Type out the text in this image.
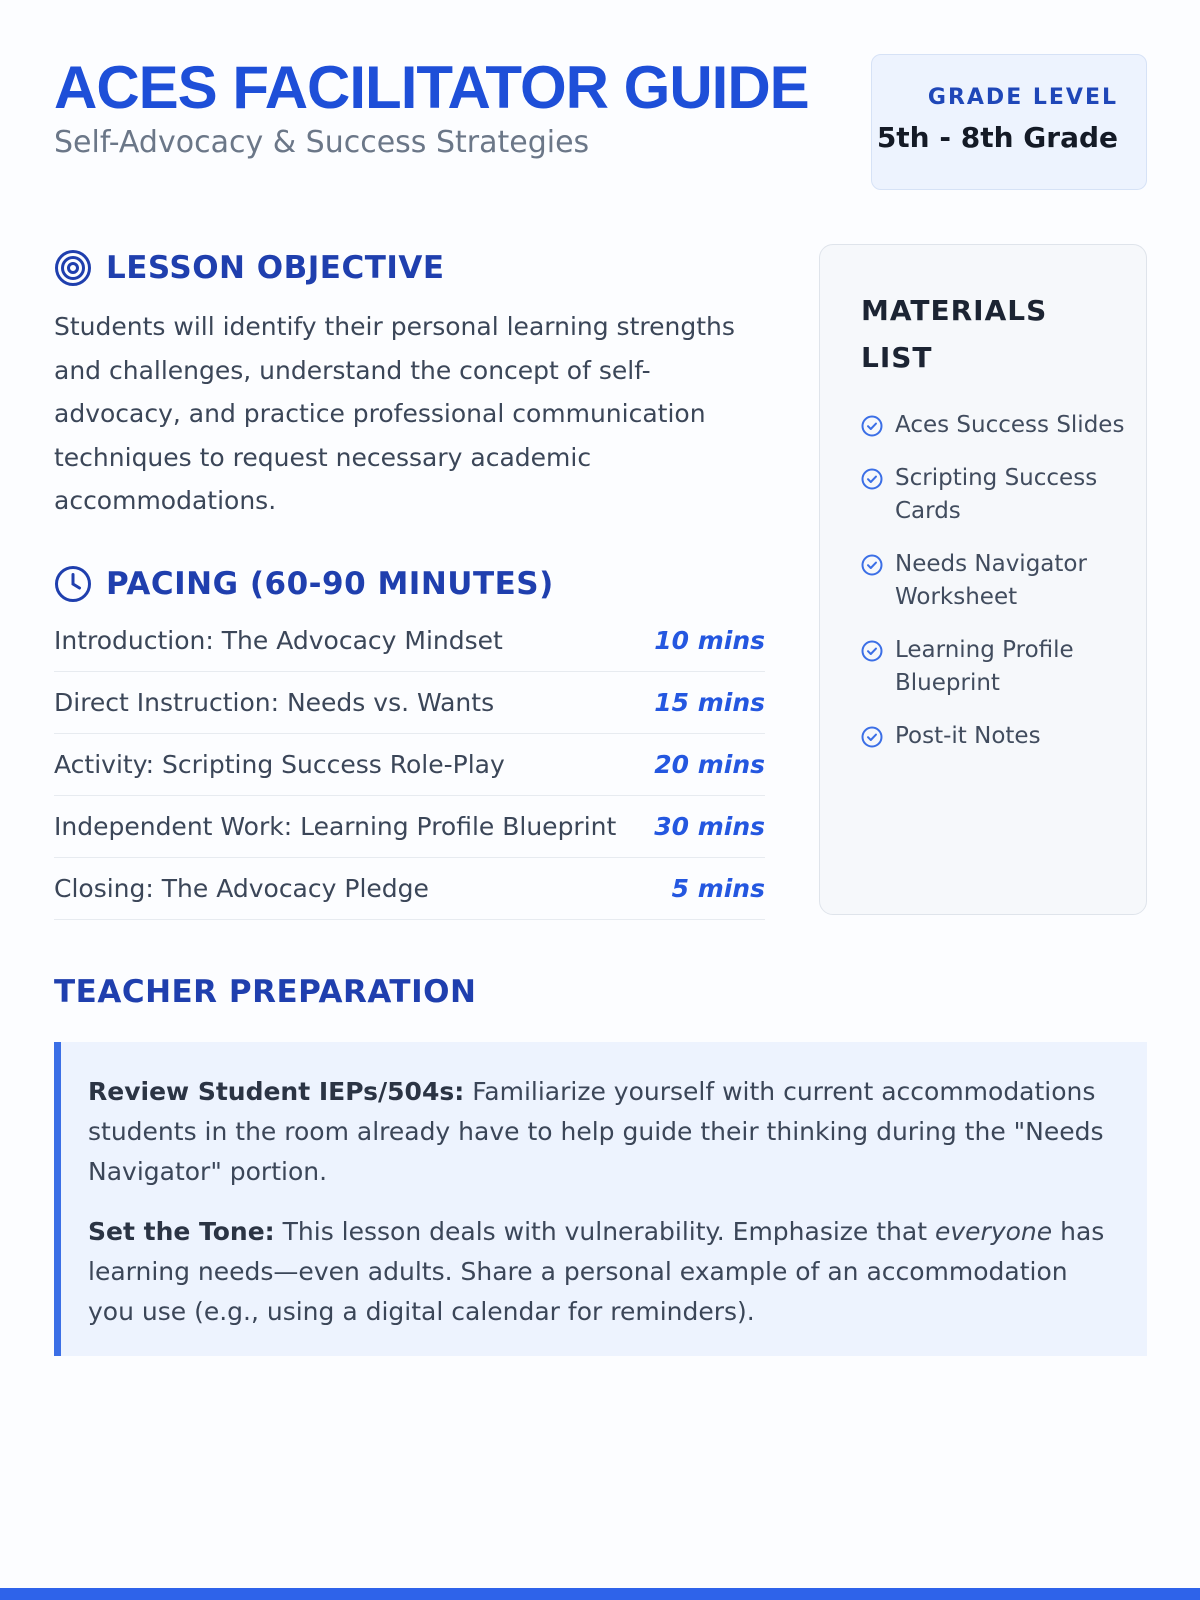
ACES FACILITATOR GUIDE
Self-Advocacy & Success Strategies
GRADE LEVEL
5th - 8th Grade
LESSON OBJECTIVE

Students will identify their personal learning strengths and challenges, understand the concept of self-advocacy, and practice professional communication techniques to request necessary academic accommodations.

PACING (60-90 MINUTES)
Introduction: The Advocacy Mindset	10 mins
Direct Instruction: Needs vs. Wants	15 mins
Activity: Scripting Success Role-Play	20 mins
Independent Work: Learning Profile Blueprint 30 mins
Closing: The Advocacy Pledge	5 mins
MATERIALS LIST
Aces Success Slides
Scripting Success Cards
Needs Navigator Worksheet
Learning Profile Blueprint
Post-it Notes
TEACHER PREPARATION

Review Student IEPs/504s: Familiarize yourself with current accommodations students in the room already have to help guide their thinking during the "Needs Navigator" portion.

Set the Tone: This lesson deals with vulnerability. Emphasize that everyone has learning needs—even adults. Share a personal example of an accommodation you use (e.g., using a digital calendar for reminders).
